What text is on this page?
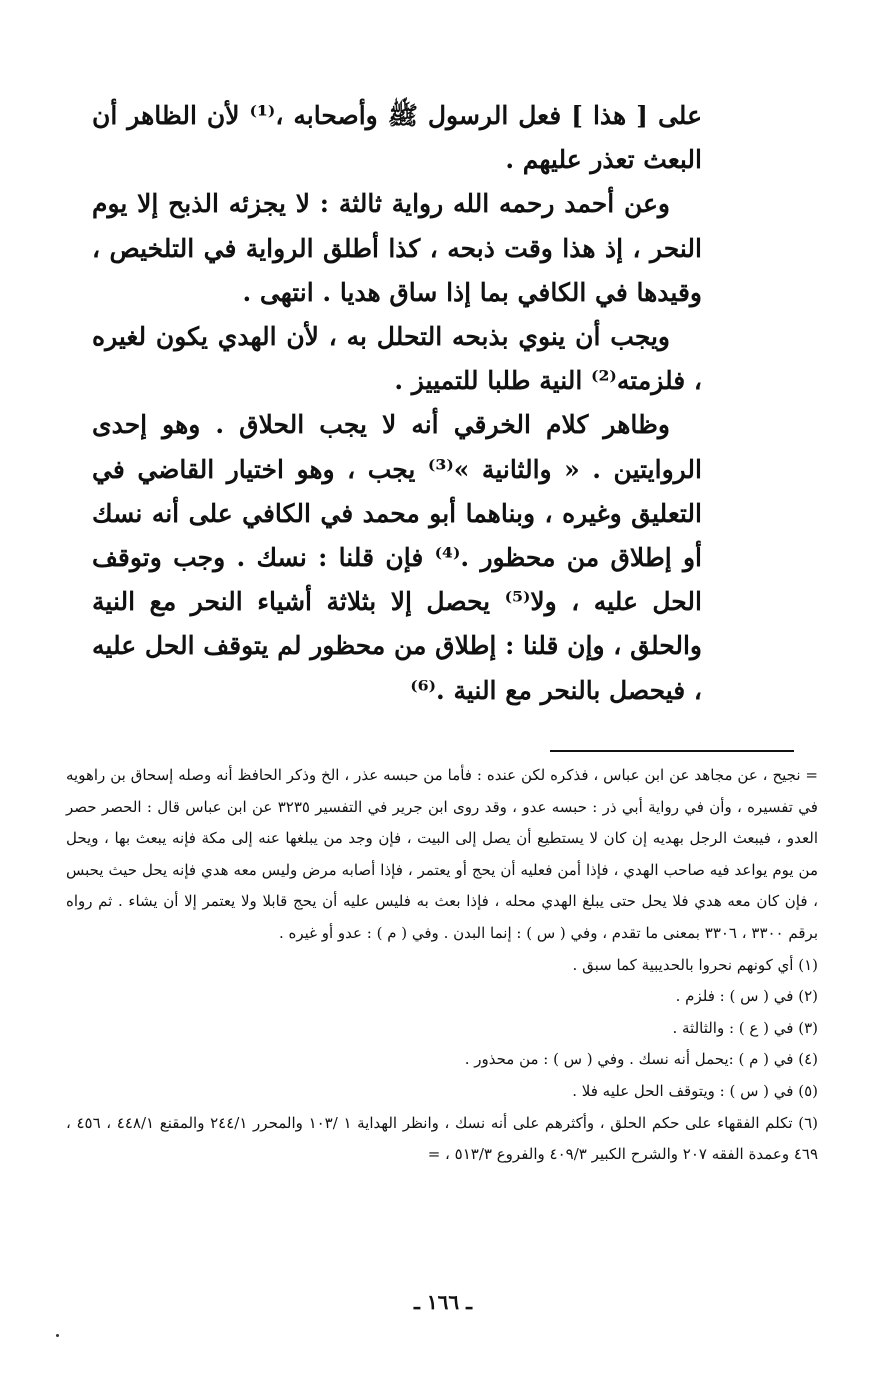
على [ هذا ] فعل الرسول ﷺ وأصحابه ،⁽¹⁾ لأن الظاهر أن البعث تعذر عليهم .

وعن أحمد رحمه الله رواية ثالثة : لا يجزئه الذبح إلا يوم النحر ، إذ هذا وقت ذبحه ، كذا أطلق الرواية في التلخيص ، وقيدها في الكافي بما إذا ساق هديا . انتهى .

ويجب أن ينوي بذبحه التحلل به ، لأن الهدي يكون لغيره ، فلزمته⁽²⁾ النية طلبا للتمييز .

وظاهر كلام الخرقي أنه لا يجب الحلاق . وهو إحدى الروايتين . « والثانية »⁽³⁾ يجب ، وهو اختيار القاضي في التعليق وغيره ، وبناهما أبو محمد في الكافي على أنه نسك أو إطلاق من محظور .⁽⁴⁾ فإن قلنا : نسك . وجب وتوقف الحل عليه ، ولا⁽⁵⁾ يحصل إلا بثلاثة أشياء النحر مع النية والحلق ، وإن قلنا : إطلاق من محظور لم يتوقف الحل عليه ، فيحصل بالنحر مع النية .⁽⁶⁾

= نجيح ، عن مجاهد عن ابن عباس ، فذكره لكن عنده : فأما من حبسه عذر ، الخ وذكر الحافظ أنه وصله إسحاق بن راهويه في تفسيره ، وأن في رواية أبي ذر : حبسه عدو ، وقد روى ابن جرير في التفسير ٣٢٣٥ عن ابن عباس قال : الحصر حصر العدو ، فيبعث الرجل بهديه إن كان لا يستطيع أن يصل إلى البيت ، فإن وجد من يبلغها عنه إلى مكة فإنه يبعث بها ، ويحل من يوم يواعد فيه صاحب الهدي ، فإذا أمن فعليه أن يحج أو يعتمر ، فإذا أصابه مرض وليس معه هدي فإنه يحل حيث يحبس ، فإن كان معه هدي فلا يحل حتى يبلغ الهدي محله ، فإذا بعث به فليس عليه أن يحج قابلا ولا يعتمر إلا أن يشاء . ثم رواه برقم ٣٣٠٠ ، ٣٣٠٦ بمعنى ما تقدم ، وفي ( س ) : إنما البدن . وفي ( م ) : عدو أو غيره .

(١) أي كونهم نحروا بالحديبية كما سبق .

(٢) في ( س ) : فلزم .

(٣) في ( ع ) : والثالثة .

(٤) في ( م ) :يحمل أنه نسك . وفي ( س ) : من محذور .

(٥) في ( س ) : ويتوقف الحل عليه فلا .

(٦) تكلم الفقهاء على حكم الحلق ، وأكثرهم على أنه نسك ، وانظر الهداية ١ /١٠٣ والمحرر ٢٤٤/١ والمقنع ٤٤٨/١ ، ٤٥٦ ، ٤٦٩ وعمدة الفقه ٢٠٧ والشرح الكبير ٤٠٩/٣ والفروع ٥١٣/٣ ، =

ـ ١٦٦ ـ
